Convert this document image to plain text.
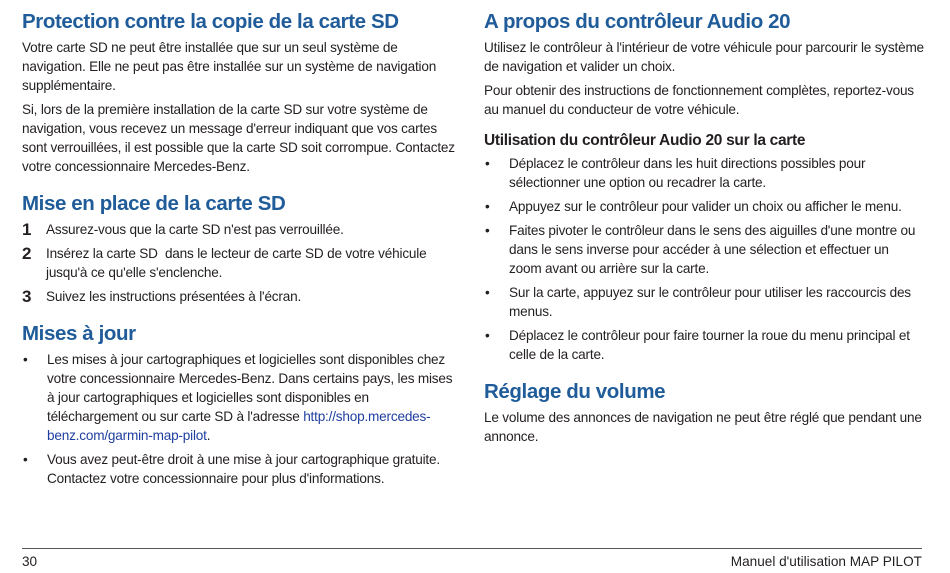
Protection contre la copie de la carte SD

Votre carte SD ne peut être installée que sur un seul système de navigation. Elle ne peut pas être installée sur un système de navigation supplémentaire.

Si, lors de la première installation de la carte SD sur votre système de navigation, vous recevez un message d'erreur indiquant que vos cartes sont verrouillées, il est possible que la carte SD soit corrompue. Contactez votre concessionnaire Mercedes-Benz.

Mise en place de la carte SD
1 Assurez-vous que la carte SD n'est pas verrouillée.
2 Insérez la carte SD  dans le lecteur de carte SD de votre véhicule jusqu'à ce qu'elle s'enclenche.
3 Suivez les instructions présentées à l'écran.
Mises à jour
• Les mises à jour cartographiques et logicielles sont disponibles chez votre concessionnaire Mercedes-Benz. Dans certains pays, les mises à jour cartographiques et logicielles sont disponibles en téléchargement ou sur carte SD à l'adresse http://shop.mercedes-benz.com/garmin-map-pilot.
• Vous avez peut-être droit à une mise à jour cartographique gratuite. Contactez votre concessionnaire pour plus d'informations.
A propos du contrôleur Audio 20

Utilisez le contrôleur à l'intérieur de votre véhicule pour parcourir le système de navigation et valider un choix.

Pour obtenir des instructions de fonctionnement complètes, reportez-vous au manuel du conducteur de votre véhicule.

Utilisation du contrôleur Audio 20 sur la carte
• Déplacez le contrôleur dans les huit directions possibles pour sélectionner une option ou recadrer la carte.
• Appuyez sur le contrôleur pour valider un choix ou afficher le menu.
• Faites pivoter le contrôleur dans le sens des aiguilles d'une montre ou dans le sens inverse pour accéder à une sélection et effectuer un zoom avant ou arrière sur la carte.
• Sur la carte, appuyez sur le contrôleur pour utiliser les raccourcis des menus.
• Déplacez le contrôleur pour faire tourner la roue du menu principal et celle de la carte.
Réglage du volume

Le volume des annonces de navigation ne peut être réglé que pendant une annonce.

30	Manuel d'utilisation MAP PILOT
